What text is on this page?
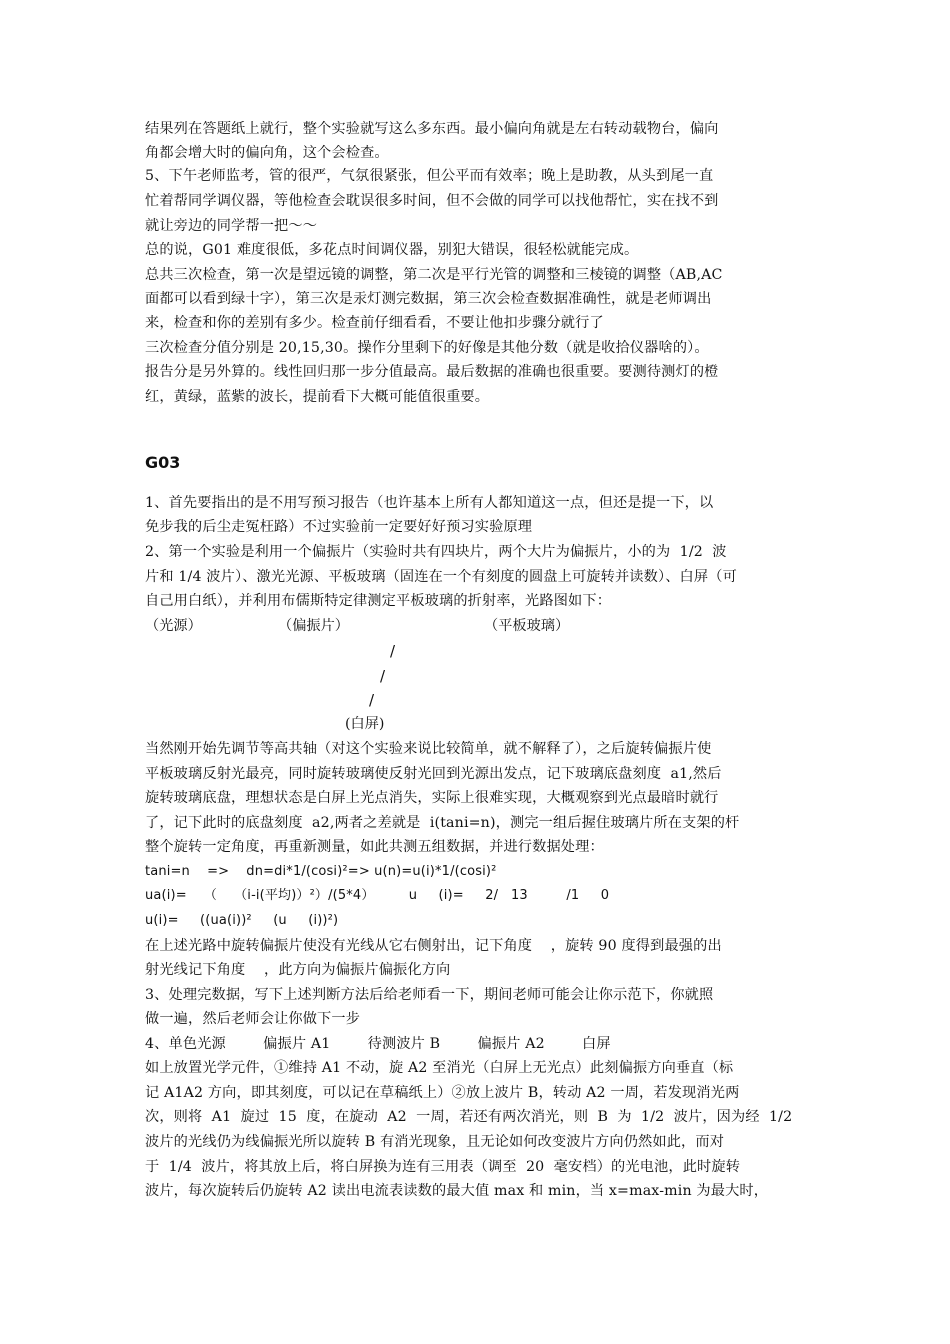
结果列在答题纸上就行，整个实验就写这么多东西。最小偏向角就是左右转动载物台，偏向
角都会增大时的偏向角，这个会检查。
5、下午老师监考，管的很严，气氛很紧张，但公平而有效率；晚上是助教，从头到尾一直
忙着帮同学调仪器，等他检查会耽误很多时间，但不会做的同学可以找他帮忙，实在找不到
就让旁边的同学帮一把～～
总的说，G01 难度很低，多花点时间调仪器，别犯大错误，很轻松就能完成。
总共三次检查，第一次是望远镜的调整，第二次是平行光管的调整和三棱镜的调整（AB,AC
面都可以看到绿十字），第三次是汞灯测完数据，第三次会检查数据准确性，就是老师调出
来，检查和你的差别有多少。检查前仔细看看，不要让他扣步骤分就行了
三次检查分值分别是 20,15,30。操作分里剩下的好像是其他分数（就是收拾仪器啥的）。
报告分是另外算的。线性回归那一步分值最高。最后数据的准确也很重要。要测待测灯的橙
红，黄绿，蓝紫的波长，提前看下大概可能值很重要。
G03
1、首先要指出的是不用写预习报告（也许基本上所有人都知道这一点，但还是提一下，以
免步我的后尘走冤枉路）不过实验前一定要好好预习实验原理
2、第一个实验是利用一个偏振片（实验时共有四块片，两个大片为偏振片，小的为  1/2  波
片和 1/4 波片）、激光光源、平板玻璃（固连在一个有刻度的圆盘上可旋转并读数）、白屏（可
自己用白纸），并利用布儒斯特定律测定平板玻璃的折射率，光路图如下：
（光源）	（偏振片）	（平板玻璃）
/
/
/
(白屏)
当然刚开始先调节等高共轴（对这个实验来说比较简单，就不解释了），之后旋转偏振片使
平板玻璃反射光最亮，同时旋转玻璃使反射光回到光源出发点，记下玻璃底盘刻度  a1,然后
旋转玻璃底盘，理想状态是白屏上光点消失，实际上很难实现，大概观察到光点最暗时就行
了，记下此时的底盘刻度  a2,两者之差就是  i(tani=n)，测完一组后握住玻璃片所在支架的杆
整个旋转一定角度，再重新测量，如此共测五组数据，并进行数据处理：
tani=n    =>    dn=di*1/(cosi)²=> u(n)=u(i)*1/(cosi)²
ua(i)=    （    （i-i(平均)）²）/(5*4）        u     (i)=     2/   13         /1     0
u(i)=     ((ua(i))²     (u     (i))²)
在上述光路中旋转偏振片使没有光线从它右侧射出，记下角度    ，旋转 90 度得到最强的出
射光线记下角度    ，此方向为偏振片偏振化方向
3、处理完数据，写下上述判断方法后给老师看一下，期间老师可能会让你示范下，你就照
做一遍，然后老师会让你做下一步
4、单色光源        偏振片 A1        待测波片 B        偏振片 A2        白屏
如上放置光学元件，①维持 A1 不动，旋 A2 至消光（白屏上无光点）此刻偏振方向垂直（标
记 A1A2 方向，即其刻度，可以记在草稿纸上）②放上波片 B，转动 A2 一周，若发现消光两
次，则将  A1  旋过  15  度，在旋动  A2  一周，若还有两次消光，则  B  为  1/2  波片，因为经  1/2
波片的光线仍为线偏振光所以旋转 B 有消光现象，且无论如何改变波片方向仍然如此，而对
于  1/4  波片，将其放上后，将白屏换为连有三用表（调至  20  毫安档）的光电池，此时旋转
波片，每次旋转后仍旋转 A2 读出电流表读数的最大值 max 和 min，当 x=max-min 为最大时，
